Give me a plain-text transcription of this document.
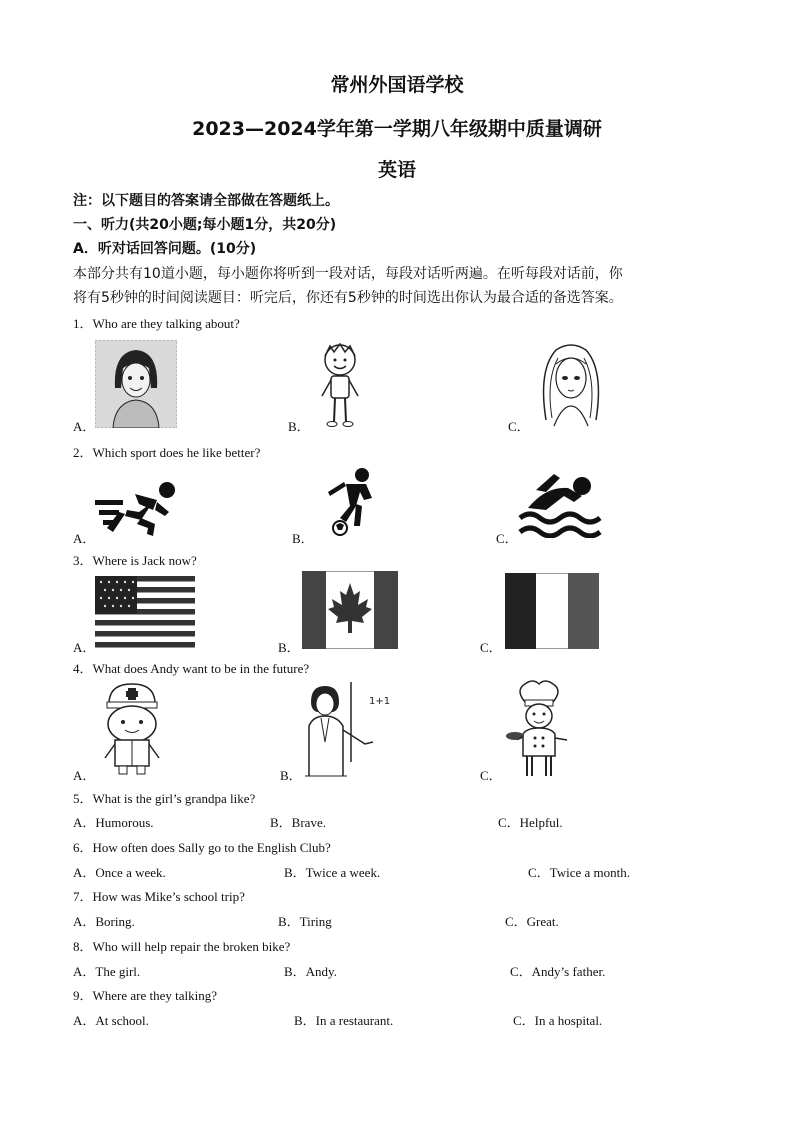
常州外国语学校
2023—2024学年第一学期八年级期中质量调研
英语
注：以下题目的答案请全部做在答题纸上。
一、听力(共20小题;每小题1分，共20分)
A．听对话回答问题。(10分)
本部分共有10道小题，每小题你将听到一段对话，每段对话听两遍。在听每段对话前，你
将有5秒钟的时间阅读题目：听完后，你还有5秒钟的时间选出你认为最合适的备选答案。
1．Who are they talking about?
A．	B．	C．
2．Which sport does he like better?
A．	B．	C．
3．Where is Jack now?
A．	B．	C．
4．What does Andy want to be in the future?
A．	B．	C．
1+1
5．What is the girl’s grandpa like?
A．Humorous.	B．Brave.	C．Helpful.
6．How often does Sally go to the English Club?
A．Once a week.	B．Twice a week.	C．Twice a month.
7．How was Mike’s school trip?
A．Boring.	B．Tiring	C．Great.
8．Who will help repair the broken bike?
A．The girl.	B．Andy.	C．Andy’s father.
9．Where are they talking?
A．At school.	B．In a restaurant.	C．In a hospital.
